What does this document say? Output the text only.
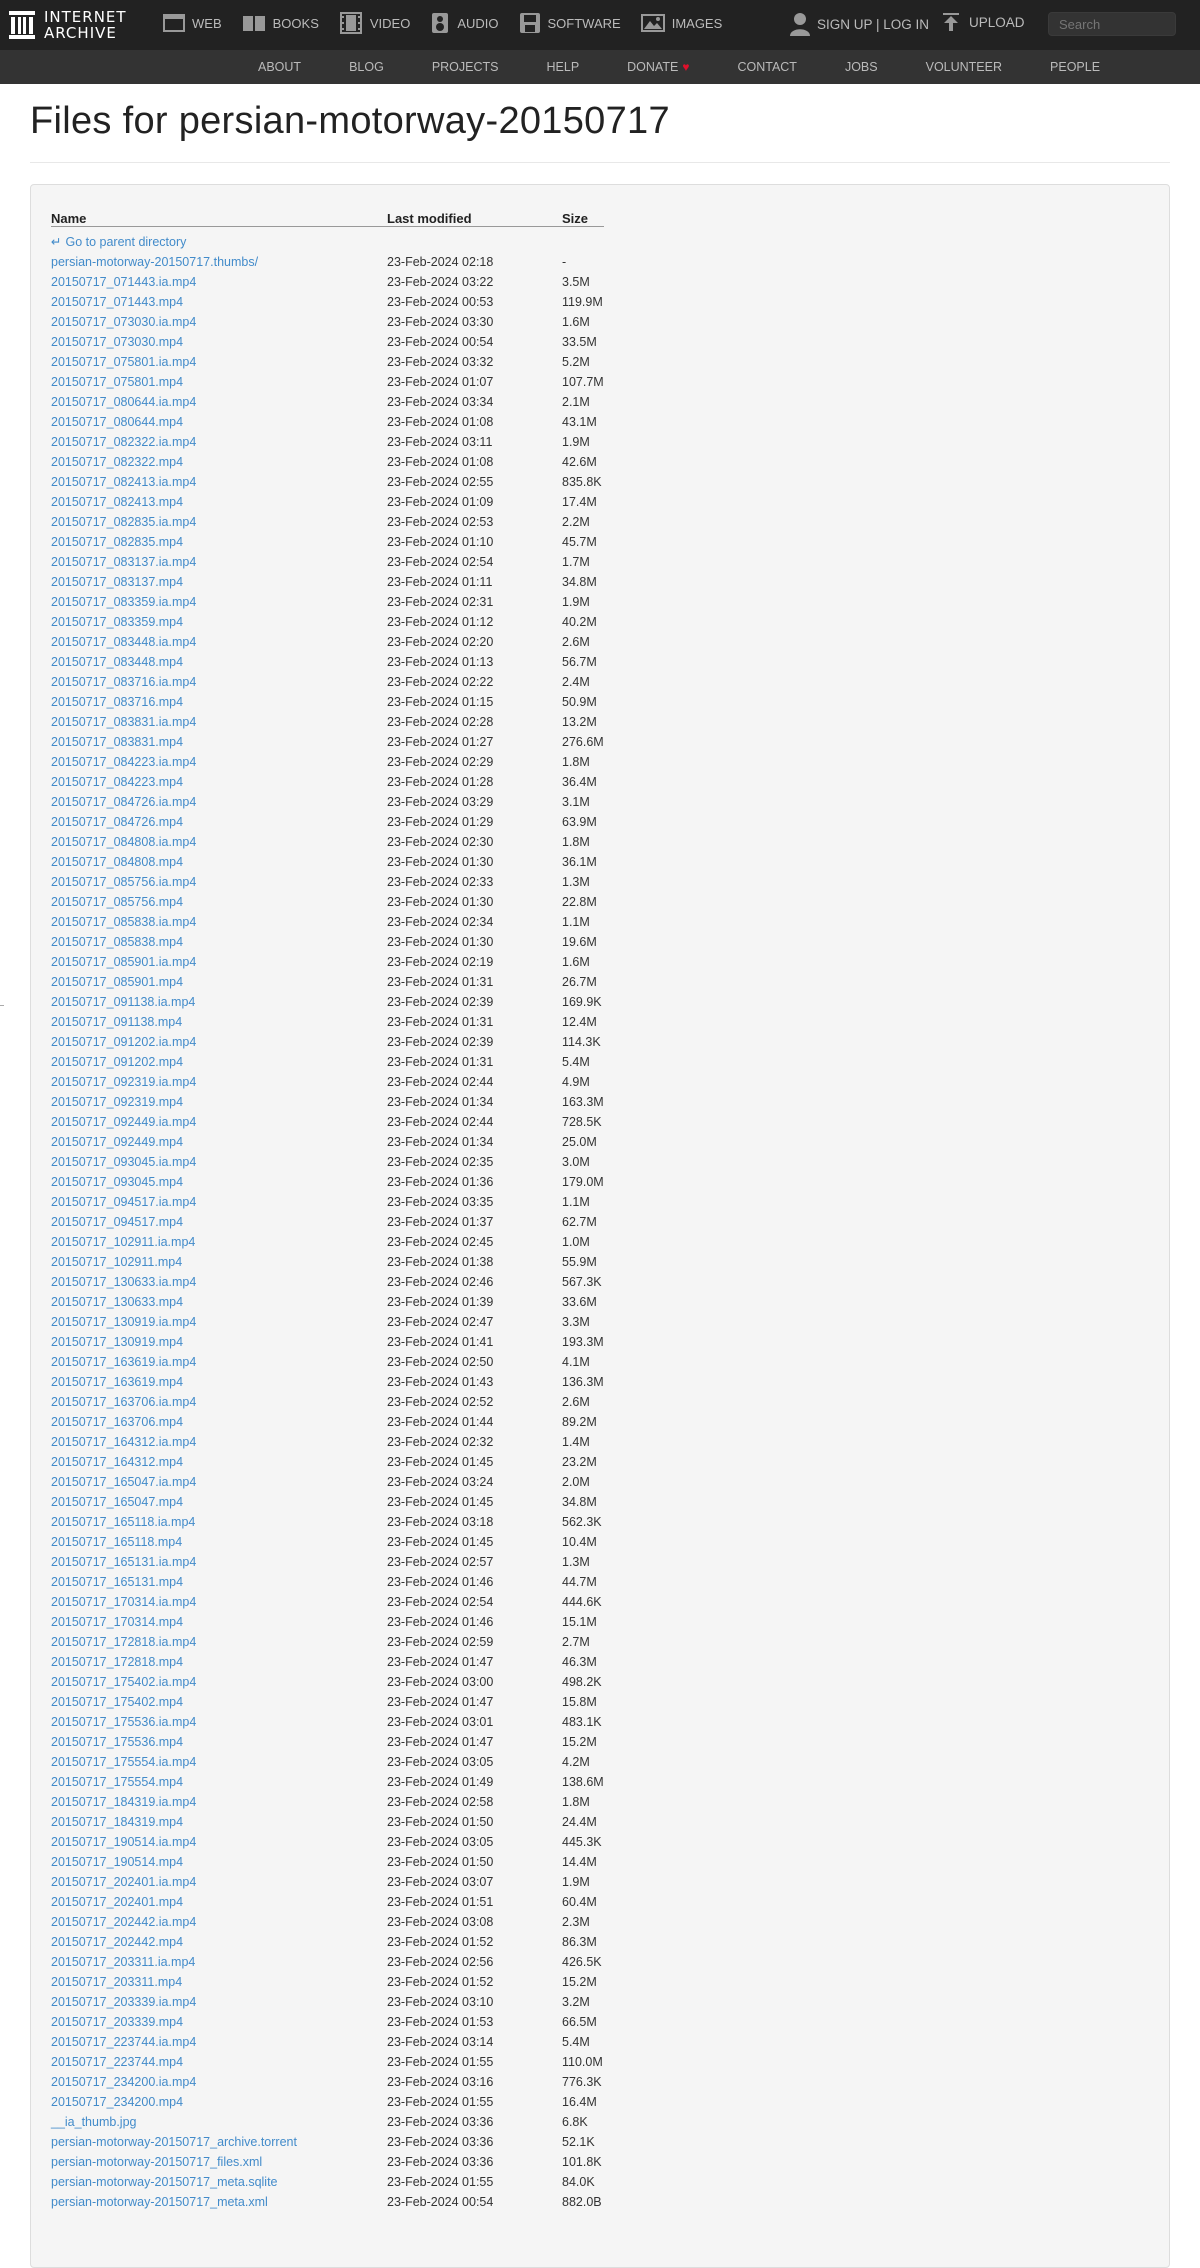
INTERNET
ARCHIVE
WEB	BOOKS	VIDEO	AUDIO	SOFTWARE	IMAGES	SIGN UP | LOG IN	UPLOAD
Search
ABOUT	BLOG	PROJECTS	HELP	DONATE ♥	CONTACT	JOBS	VOLUNTEER	PEOPLE
Files for persian-motorway-20150717
Name	Last modified	Size
↵ Go to parent directory		
persian-motorway-20150717.thumbs/	23-Feb-2024 02:18	-
20150717_071443.ia.mp4	23-Feb-2024 03:22	3.5M
20150717_071443.mp4	23-Feb-2024 00:53	119.9M
20150717_073030.ia.mp4	23-Feb-2024 03:30	1.6M
20150717_073030.mp4	23-Feb-2024 00:54	33.5M
20150717_075801.ia.mp4	23-Feb-2024 03:32	5.2M
20150717_075801.mp4	23-Feb-2024 01:07	107.7M
20150717_080644.ia.mp4	23-Feb-2024 03:34	2.1M
20150717_080644.mp4	23-Feb-2024 01:08	43.1M
20150717_082322.ia.mp4	23-Feb-2024 03:11	1.9M
20150717_082322.mp4	23-Feb-2024 01:08	42.6M
20150717_082413.ia.mp4	23-Feb-2024 02:55	835.8K
20150717_082413.mp4	23-Feb-2024 01:09	17.4M
20150717_082835.ia.mp4	23-Feb-2024 02:53	2.2M
20150717_082835.mp4	23-Feb-2024 01:10	45.7M
20150717_083137.ia.mp4	23-Feb-2024 02:54	1.7M
20150717_083137.mp4	23-Feb-2024 01:11	34.8M
20150717_083359.ia.mp4	23-Feb-2024 02:31	1.9M
20150717_083359.mp4	23-Feb-2024 01:12	40.2M
20150717_083448.ia.mp4	23-Feb-2024 02:20	2.6M
20150717_083448.mp4	23-Feb-2024 01:13	56.7M
20150717_083716.ia.mp4	23-Feb-2024 02:22	2.4M
20150717_083716.mp4	23-Feb-2024 01:15	50.9M
20150717_083831.ia.mp4	23-Feb-2024 02:28	13.2M
20150717_083831.mp4	23-Feb-2024 01:27	276.6M
20150717_084223.ia.mp4	23-Feb-2024 02:29	1.8M
20150717_084223.mp4	23-Feb-2024 01:28	36.4M
20150717_084726.ia.mp4	23-Feb-2024 03:29	3.1M
20150717_084726.mp4	23-Feb-2024 01:29	63.9M
20150717_084808.ia.mp4	23-Feb-2024 02:30	1.8M
20150717_084808.mp4	23-Feb-2024 01:30	36.1M
20150717_085756.ia.mp4	23-Feb-2024 02:33	1.3M
20150717_085756.mp4	23-Feb-2024 01:30	22.8M
20150717_085838.ia.mp4	23-Feb-2024 02:34	1.1M
20150717_085838.mp4	23-Feb-2024 01:30	19.6M
20150717_085901.ia.mp4	23-Feb-2024 02:19	1.6M
20150717_085901.mp4	23-Feb-2024 01:31	26.7M
20150717_091138.ia.mp4	23-Feb-2024 02:39	169.9K
20150717_091138.mp4	23-Feb-2024 01:31	12.4M
20150717_091202.ia.mp4	23-Feb-2024 02:39	114.3K
20150717_091202.mp4	23-Feb-2024 01:31	5.4M
20150717_092319.ia.mp4	23-Feb-2024 02:44	4.9M
20150717_092319.mp4	23-Feb-2024 01:34	163.3M
20150717_092449.ia.mp4	23-Feb-2024 02:44	728.5K
20150717_092449.mp4	23-Feb-2024 01:34	25.0M
20150717_093045.ia.mp4	23-Feb-2024 02:35	3.0M
20150717_093045.mp4	23-Feb-2024 01:36	179.0M
20150717_094517.ia.mp4	23-Feb-2024 03:35	1.1M
20150717_094517.mp4	23-Feb-2024 01:37	62.7M
20150717_102911.ia.mp4	23-Feb-2024 02:45	1.0M
20150717_102911.mp4	23-Feb-2024 01:38	55.9M
20150717_130633.ia.mp4	23-Feb-2024 02:46	567.3K
20150717_130633.mp4	23-Feb-2024 01:39	33.6M
20150717_130919.ia.mp4	23-Feb-2024 02:47	3.3M
20150717_130919.mp4	23-Feb-2024 01:41	193.3M
20150717_163619.ia.mp4	23-Feb-2024 02:50	4.1M
20150717_163619.mp4	23-Feb-2024 01:43	136.3M
20150717_163706.ia.mp4	23-Feb-2024 02:52	2.6M
20150717_163706.mp4	23-Feb-2024 01:44	89.2M
20150717_164312.ia.mp4	23-Feb-2024 02:32	1.4M
20150717_164312.mp4	23-Feb-2024 01:45	23.2M
20150717_165047.ia.mp4	23-Feb-2024 03:24	2.0M
20150717_165047.mp4	23-Feb-2024 01:45	34.8M
20150717_165118.ia.mp4	23-Feb-2024 03:18	562.3K
20150717_165118.mp4	23-Feb-2024 01:45	10.4M
20150717_165131.ia.mp4	23-Feb-2024 02:57	1.3M
20150717_165131.mp4	23-Feb-2024 01:46	44.7M
20150717_170314.ia.mp4	23-Feb-2024 02:54	444.6K
20150717_170314.mp4	23-Feb-2024 01:46	15.1M
20150717_172818.ia.mp4	23-Feb-2024 02:59	2.7M
20150717_172818.mp4	23-Feb-2024 01:47	46.3M
20150717_175402.ia.mp4	23-Feb-2024 03:00	498.2K
20150717_175402.mp4	23-Feb-2024 01:47	15.8M
20150717_175536.ia.mp4	23-Feb-2024 03:01	483.1K
20150717_175536.mp4	23-Feb-2024 01:47	15.2M
20150717_175554.ia.mp4	23-Feb-2024 03:05	4.2M
20150717_175554.mp4	23-Feb-2024 01:49	138.6M
20150717_184319.ia.mp4	23-Feb-2024 02:58	1.8M
20150717_184319.mp4	23-Feb-2024 01:50	24.4M
20150717_190514.ia.mp4	23-Feb-2024 03:05	445.3K
20150717_190514.mp4	23-Feb-2024 01:50	14.4M
20150717_202401.ia.mp4	23-Feb-2024 03:07	1.9M
20150717_202401.mp4	23-Feb-2024 01:51	60.4M
20150717_202442.ia.mp4	23-Feb-2024 03:08	2.3M
20150717_202442.mp4	23-Feb-2024 01:52	86.3M
20150717_203311.ia.mp4	23-Feb-2024 02:56	426.5K
20150717_203311.mp4	23-Feb-2024 01:52	15.2M
20150717_203339.ia.mp4	23-Feb-2024 03:10	3.2M
20150717_203339.mp4	23-Feb-2024 01:53	66.5M
20150717_223744.ia.mp4	23-Feb-2024 03:14	5.4M
20150717_223744.mp4	23-Feb-2024 01:55	110.0M
20150717_234200.ia.mp4	23-Feb-2024 03:16	776.3K
20150717_234200.mp4	23-Feb-2024 01:55	16.4M
__ia_thumb.jpg	23-Feb-2024 03:36	6.8K
persian-motorway-20150717_archive.torrent	23-Feb-2024 03:36	52.1K
persian-motorway-20150717_files.xml	23-Feb-2024 03:36	101.8K
persian-motorway-20150717_meta.sqlite	23-Feb-2024 01:55	84.0K
persian-motorway-20150717_meta.xml	23-Feb-2024 00:54	882.0B
